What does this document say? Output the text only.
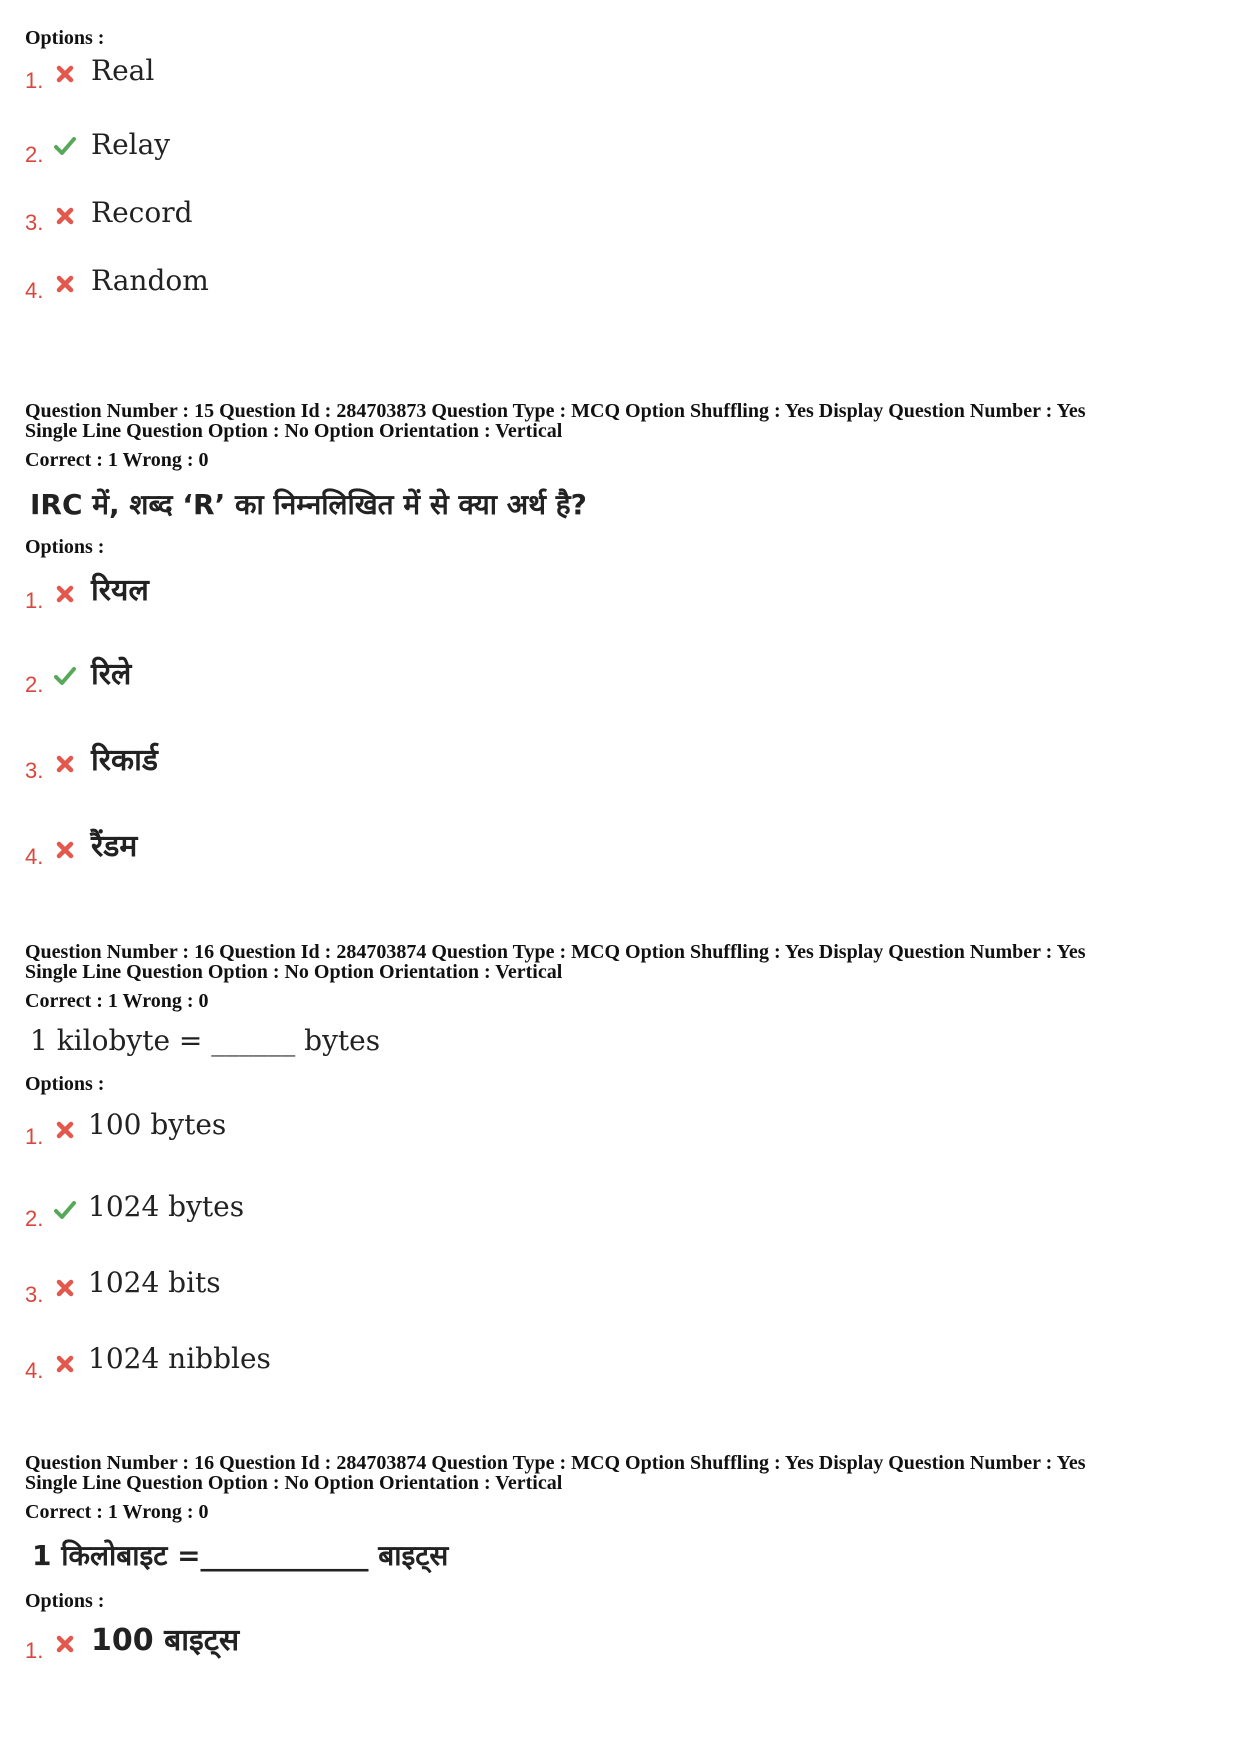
Options :
1. Real
2. Relay
3. Record
4. Random
Question Number : 15 Question Id : 284703873 Question Type : MCQ Option Shuffling : Yes Display Question Number : Yes
Single Line Question Option : No Option Orientation : Vertical
Correct : 1 Wrong : 0
IRC में, शब्द ‘R’ का निम्नलिखित में से क्या अर्थ है?
Options :
1. रियल
2. रिले
3. रिकार्ड
4. रैंडम
Question Number : 16 Question Id : 284703874 Question Type : MCQ Option Shuffling : Yes Display Question Number : Yes
Single Line Question Option : No Option Orientation : Vertical
Correct : 1 Wrong : 0
1 kilobyte = ______ bytes
Options :
1. 100 bytes
2. 1024 bytes
3. 1024 bits
4. 1024 nibbles
Question Number : 16 Question Id : 284703874 Question Type : MCQ Option Shuffling : Yes Display Question Number : Yes
Single Line Question Option : No Option Orientation : Vertical
Correct : 1 Wrong : 0
1 किलोबाइट =____________ बाइट्स
Options :
1. 100 बाइट्स
